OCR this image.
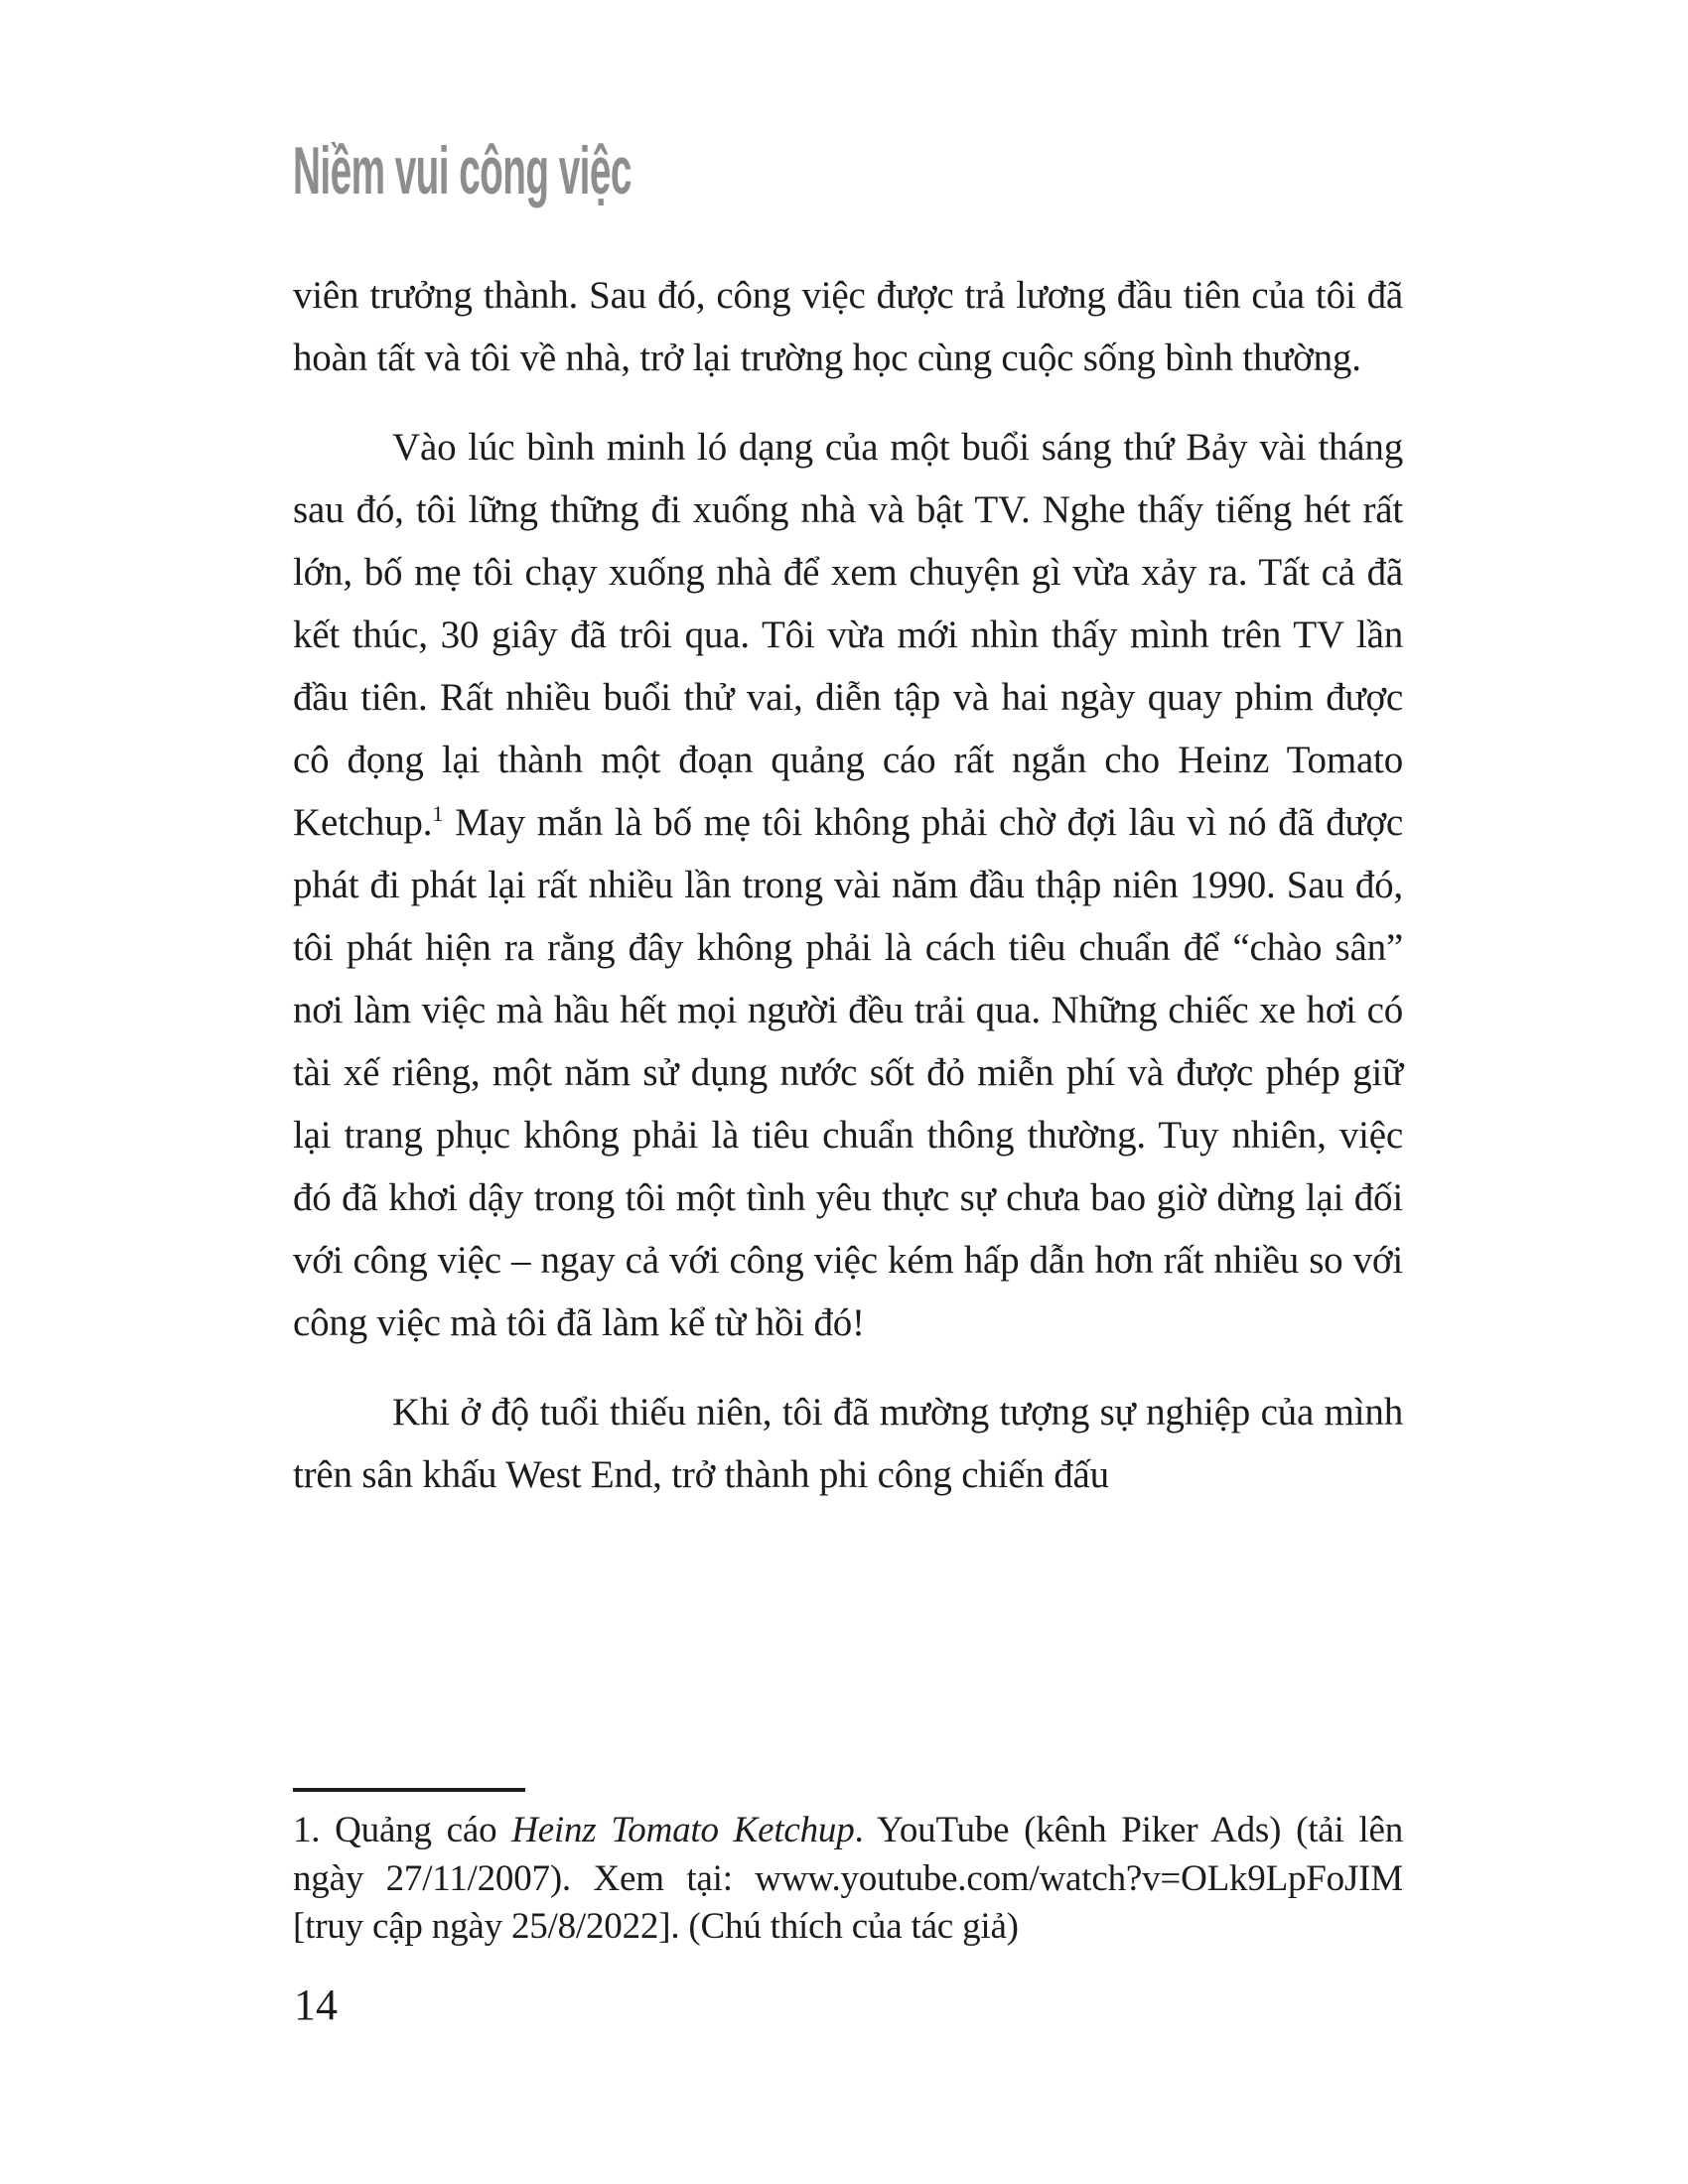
Niềm vui công việc

viên trưởng thành. Sau đó, công việc được trả lương đầu tiên của tôi đã hoàn tất và tôi về nhà, trở lại trường học cùng cuộc sống bình thường.

Vào lúc bình minh ló dạng của một buổi sáng thứ Bảy vài tháng sau đó, tôi lững thững đi xuống nhà và bật TV. Nghe thấy tiếng hét rất lớn, bố mẹ tôi chạy xuống nhà để xem chuyện gì vừa xảy ra. Tất cả đã kết thúc, 30 giây đã trôi qua. Tôi vừa mới nhìn thấy mình trên TV lần đầu tiên. Rất nhiều buổi thử vai, diễn tập và hai ngày quay phim được cô đọng lại thành một đoạn quảng cáo rất ngắn cho Heinz Tomato Ketchup.$^1$ May mắn là bố mẹ tôi không phải chờ đợi lâu vì nó đã được phát đi phát lại rất nhiều lần trong vài năm đầu thập niên 1990. Sau đó, tôi phát hiện ra rằng đây không phải là cách tiêu chuẩn để “chào sân” nơi làm việc mà hầu hết mọi người đều trải qua. Những chiếc xe hơi có tài xế riêng, một năm sử dụng nước sốt đỏ miễn phí và được phép giữ lại trang phục không phải là tiêu chuẩn thông thường. Tuy nhiên, việc đó đã khơi dậy trong tôi một tình yêu thực sự chưa bao giờ dừng lại đối với công việc – ngay cả với công việc kém hấp dẫn hơn rất nhiều so với công việc mà tôi đã làm kể từ hồi đó!

Khi ở độ tuổi thiếu niên, tôi đã mường tượng sự nghiệp của mình trên sân khấu West End, trở thành phi công chiến đấu

1. Quảng cáo Heinz Tomato Ketchup. YouTube (kênh Piker Ads) (tải lên ngày 27/11/2007). Xem tại: www.youtube.com/watch?v=OLk9LpFoJIM [truy cập ngày 25/8/2022]. (Chú thích của tác giả)
14
